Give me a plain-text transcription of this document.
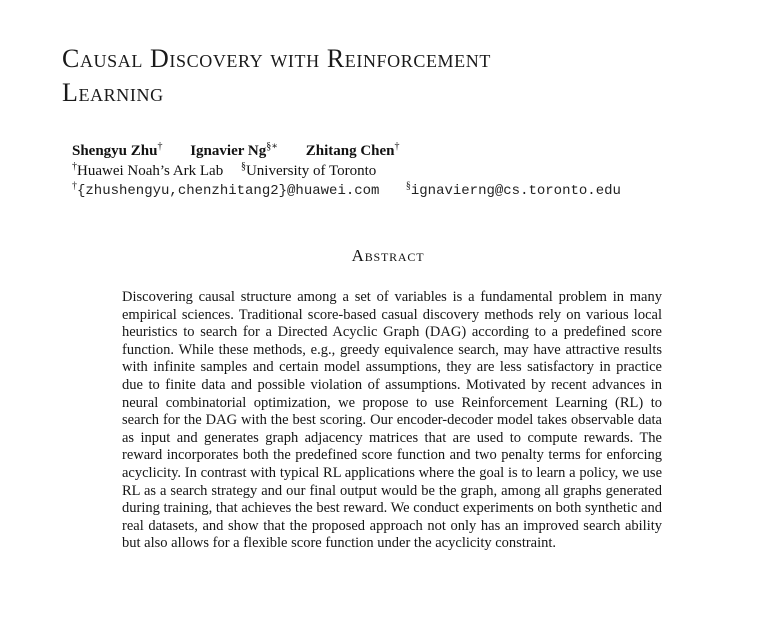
Causal Discovery with Reinforcement
Learning
Shengyu Zhu† Ignavier Ng§∗ Zhitang Chen†
†Huawei Noah’s Ark Lab §University of Toronto
†{zhushengyu,chenzhitang2}@huawei.com	§ignavierng@cs.toronto.edu
Abstract

Discovering causal structure among a set of variables is a fundamental problem in many empirical sciences. Traditional score-based casual discovery methods rely on various local heuristics to search for a Directed Acyclic Graph (DAG) according to a predefined score function. While these methods, e.g., greedy equivalence search, may have attractive results with infinite samples and certain model assumptions, they are less satisfactory in practice due to finite data and possible violation of assumptions. Motivated by recent advances in neural combinatorial optimization, we propose to use Reinforcement Learning (RL) to search for the DAG with the best scoring. Our encoder-decoder model takes observable data as input and generates graph adjacency matrices that are used to compute rewards. The reward incorporates both the predefined score function and two penalty terms for enforcing acyclicity. In contrast with typical RL applications where the goal is to learn a policy, we use RL as a search strategy and our final output would be the graph, among all graphs generated during training, that achieves the best reward. We conduct experiments on both synthetic and real datasets, and show that the proposed approach not only has an improved search ability but also allows for a flexible score function under the acyclicity constraint.
